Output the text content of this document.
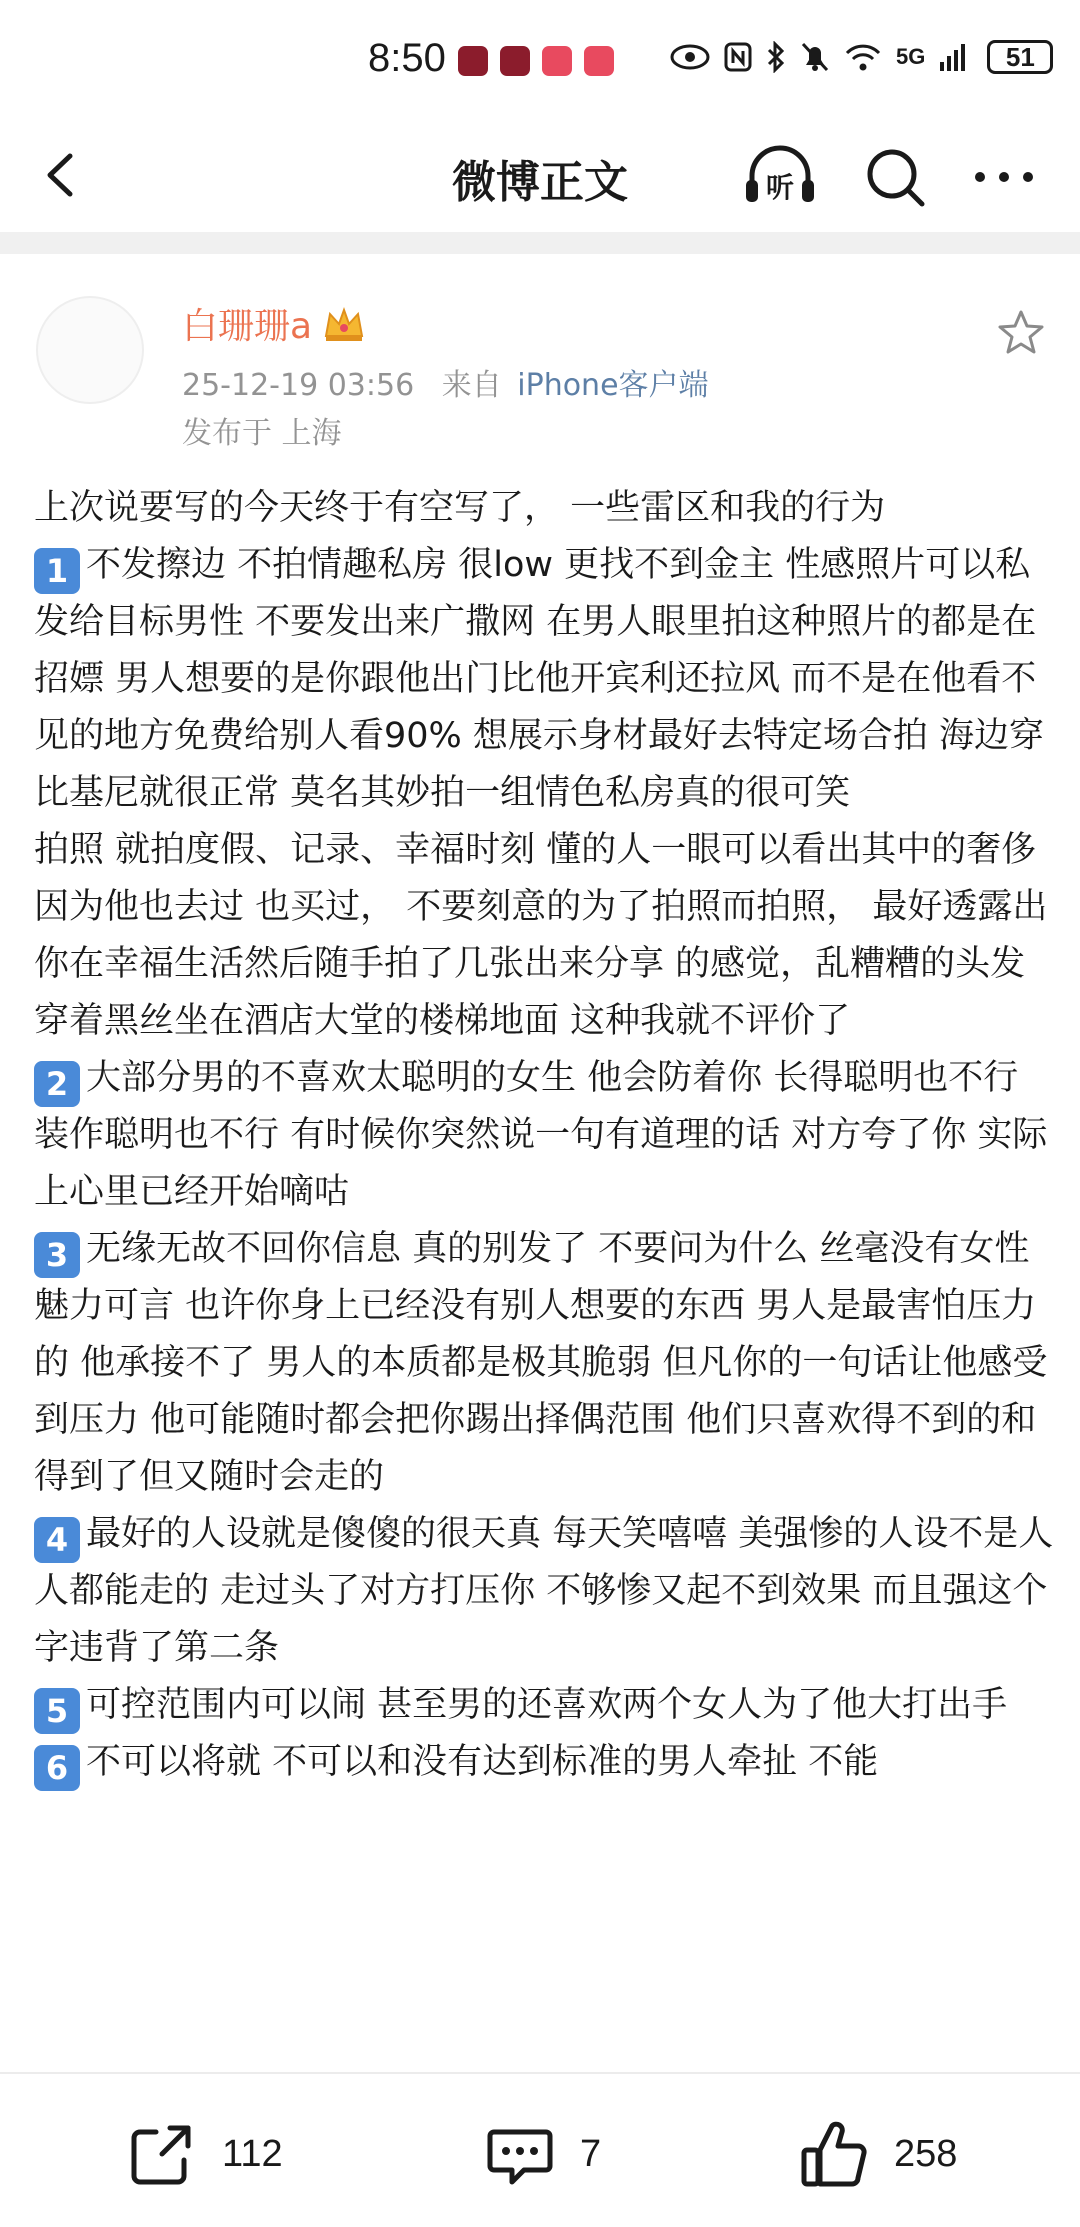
8:50	5G	51
微博正文	听
白珊珊a
25-12-19 03:56 来自 iPhone客户端
发布于 上海

上次说要写的今天终于有空写了， 一些雷区和我的行为

1 不发擦边 不拍情趣私房 很low 更找不到金主 性感照片可以私发给目标男性 不要发出来广撒网 在男人眼里拍这种照片的都是在招嫖 男人想要的是你跟他出门比他开宾利还拉风 而不是在他看不见的地方免费给别人看90% 想展示身材最好去特定场合拍 海边穿比基尼就很正常 莫名其妙拍一组情色私房真的很可笑

拍照 就拍度假、记录、幸福时刻 懂的人一眼可以看出其中的奢侈 因为他也去过 也买过， 不要刻意的为了拍照而拍照， 最好透露出 你在幸福生活然后随手拍了几张出来分享 的感觉，乱糟糟的头发穿着黑丝坐在酒店大堂的楼梯地面 这种我就不评价了

2 大部分男的不喜欢太聪明的女生 他会防着你 长得聪明也不行 装作聪明也不行 有时候你突然说一句有道理的话 对方夸了你 实际上心里已经开始嘀咕

3 无缘无故不回你信息 真的别发了 不要问为什么 丝毫没有女性魅力可言 也许你身上已经没有别人想要的东西 男人是最害怕压力的 他承接不了 男人的本质都是极其脆弱 但凡你的一句话让他感受到压力 他可能随时都会把你踢出择偶范围 他们只喜欢得不到的和得到了但又随时会走的

4 最好的人设就是傻傻的很天真 每天笑嘻嘻 美强惨的人设不是人人都能走的 走过头了对方打压你 不够惨又起不到效果 而且强这个字违背了第二条

5 可控范围内可以闹 甚至男的还喜欢两个女人为了他大打出手

6 不可以将就 不可以和没有达到标准的男人牵扯 不能

112	7	258
